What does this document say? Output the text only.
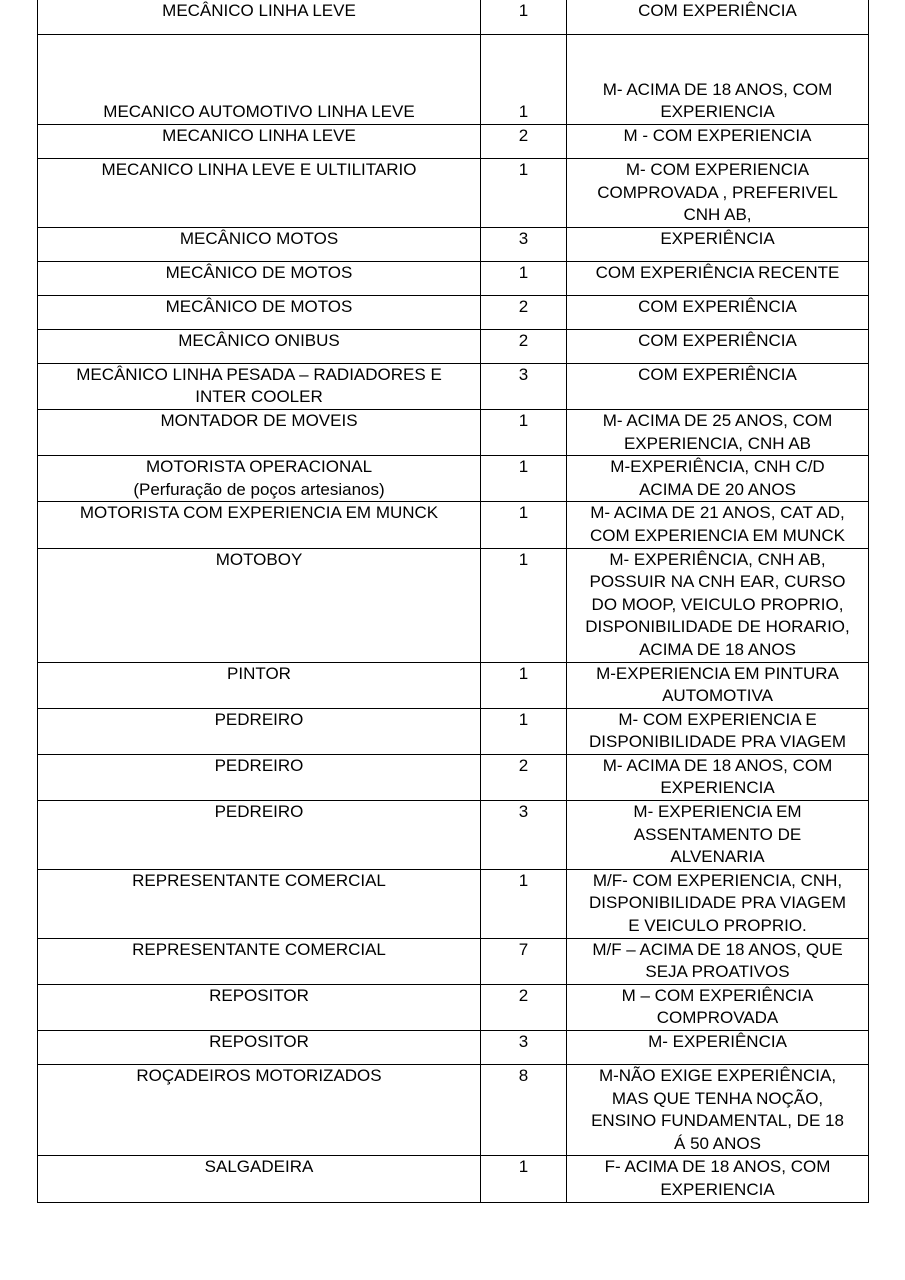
MECÂNICO LINHA LEVE	1	COM EXPERIÊNCIA
MECANICO AUTOMOTIVO LINHA LEVE	1	M- ACIMA DE 18 ANOS, COM
EXPERIENCIA
MECANICO LINHA LEVE	2	M - COM EXPERIENCIA
MECANICO LINHA LEVE E ULTILITARIO	1	M- COM EXPERIENCIA
COMPROVADA , PREFERIVEL
CNH AB,
MECÂNICO MOTOS	3	EXPERIÊNCIA
MECÂNICO DE MOTOS	1	COM EXPERIÊNCIA RECENTE
MECÂNICO DE MOTOS	2	COM EXPERIÊNCIA
MECÂNICO ONIBUS	2	COM EXPERIÊNCIA
MECÂNICO LINHA PESADA – RADIADORES E
INTER COOLER	3	COM EXPERIÊNCIA
MONTADOR DE MOVEIS	1	M- ACIMA DE 25 ANOS, COM
EXPERIENCIA, CNH AB
MOTORISTA OPERACIONAL
(Perfuração de poços artesianos)	1	M-EXPERIÊNCIA, CNH C/D
ACIMA DE 20 ANOS
MOTORISTA COM EXPERIENCIA EM MUNCK	1	M- ACIMA DE 21 ANOS, CAT AD,
COM EXPERIENCIA EM MUNCK
MOTOBOY	1	M- EXPERIÊNCIA, CNH AB,
POSSUIR NA CNH EAR, CURSO
DO MOOP, VEICULO PROPRIO,
DISPONIBILIDADE DE HORARIO,
ACIMA DE 18 ANOS
PINTOR	1	M-EXPERIENCIA EM PINTURA
AUTOMOTIVA
PEDREIRO	1	M- COM EXPERIENCIA E
DISPONIBILIDADE PRA VIAGEM
PEDREIRO	2	M- ACIMA DE 18 ANOS, COM
EXPERIENCIA
PEDREIRO	3	M- EXPERIENCIA EM
ASSENTAMENTO DE
ALVENARIA
REPRESENTANTE COMERCIAL	1	M/F- COM EXPERIENCIA, CNH,
DISPONIBILIDADE PRA VIAGEM
E VEICULO PROPRIO.
REPRESENTANTE COMERCIAL	7	M/F – ACIMA DE 18 ANOS, QUE
SEJA PROATIVOS
REPOSITOR	2	M – COM EXPERIÊNCIA
COMPROVADA
REPOSITOR	3	M- EXPERIÊNCIA
ROÇADEIROS MOTORIZADOS	8	M-NÃO EXIGE EXPERIÊNCIA,
MAS QUE TENHA NOÇÃO,
ENSINO FUNDAMENTAL, DE 18
Á 50 ANOS
SALGADEIRA	1	F- ACIMA DE 18 ANOS, COM
EXPERIENCIA
